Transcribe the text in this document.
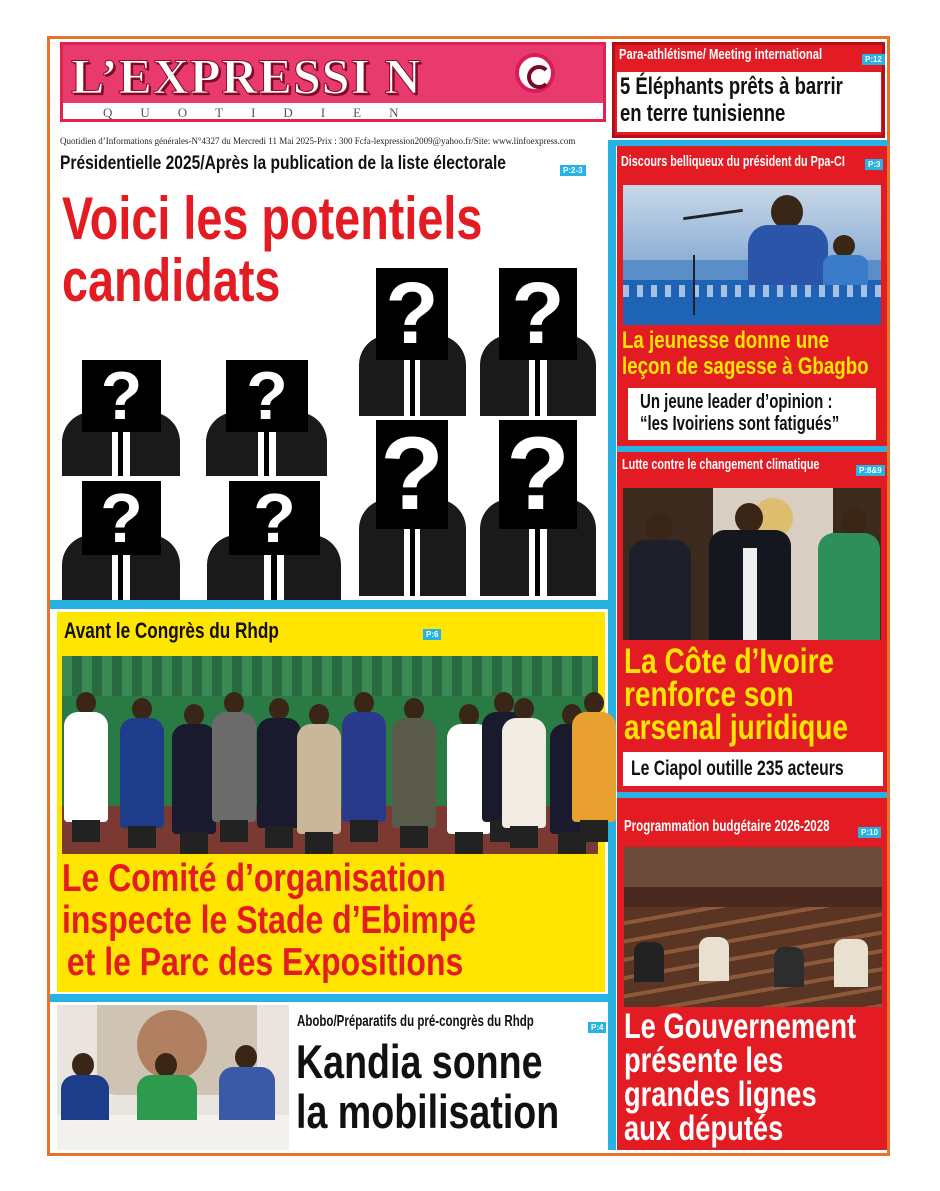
L’EXPRESSI N
QUOTIDIEN
Quotidien d’Informations générales-N°4327 du Mercredi 11 Mai 2025-Prix : 300 Fcfa-lexpression2009@yahoo.fr/Site: www.linfoexpress.com
Présidentielle 2025/Après la publication de la liste électorale	P:2-3
Voici les potentiels
candidats	? ?
? ?
? ?
?	?
Para-athlétisme/ Meeting international	P:12
5 Éléphants prêts à barrir
en terre tunisienne
Discours belliqueux du président du Ppa-CI	P:3
La jeunesse donne une
leçon de sagesse à Gbagbo
Un jeune leader d’opinion :
“les Ivoiriens sont fatigués”
Lutte contre le changement climatique	P:8&9
La Côte d’Ivoire
renforce son
arsenal juridique
Le Ciapol outille 235 acteurs
Programmation budgétaire 2026-2028	P:10
Le Gouvernement
présente les
grandes lignes
aux députés
Avant le Congrès du Rhdp	P:6
Le Comité d’organisation
inspecte le Stade d’Ebimpé
et le Parc des Expositions
Abobo/Préparatifs du pré-congrès du Rhdp	P:4
Kandia sonne
la mobilisation
